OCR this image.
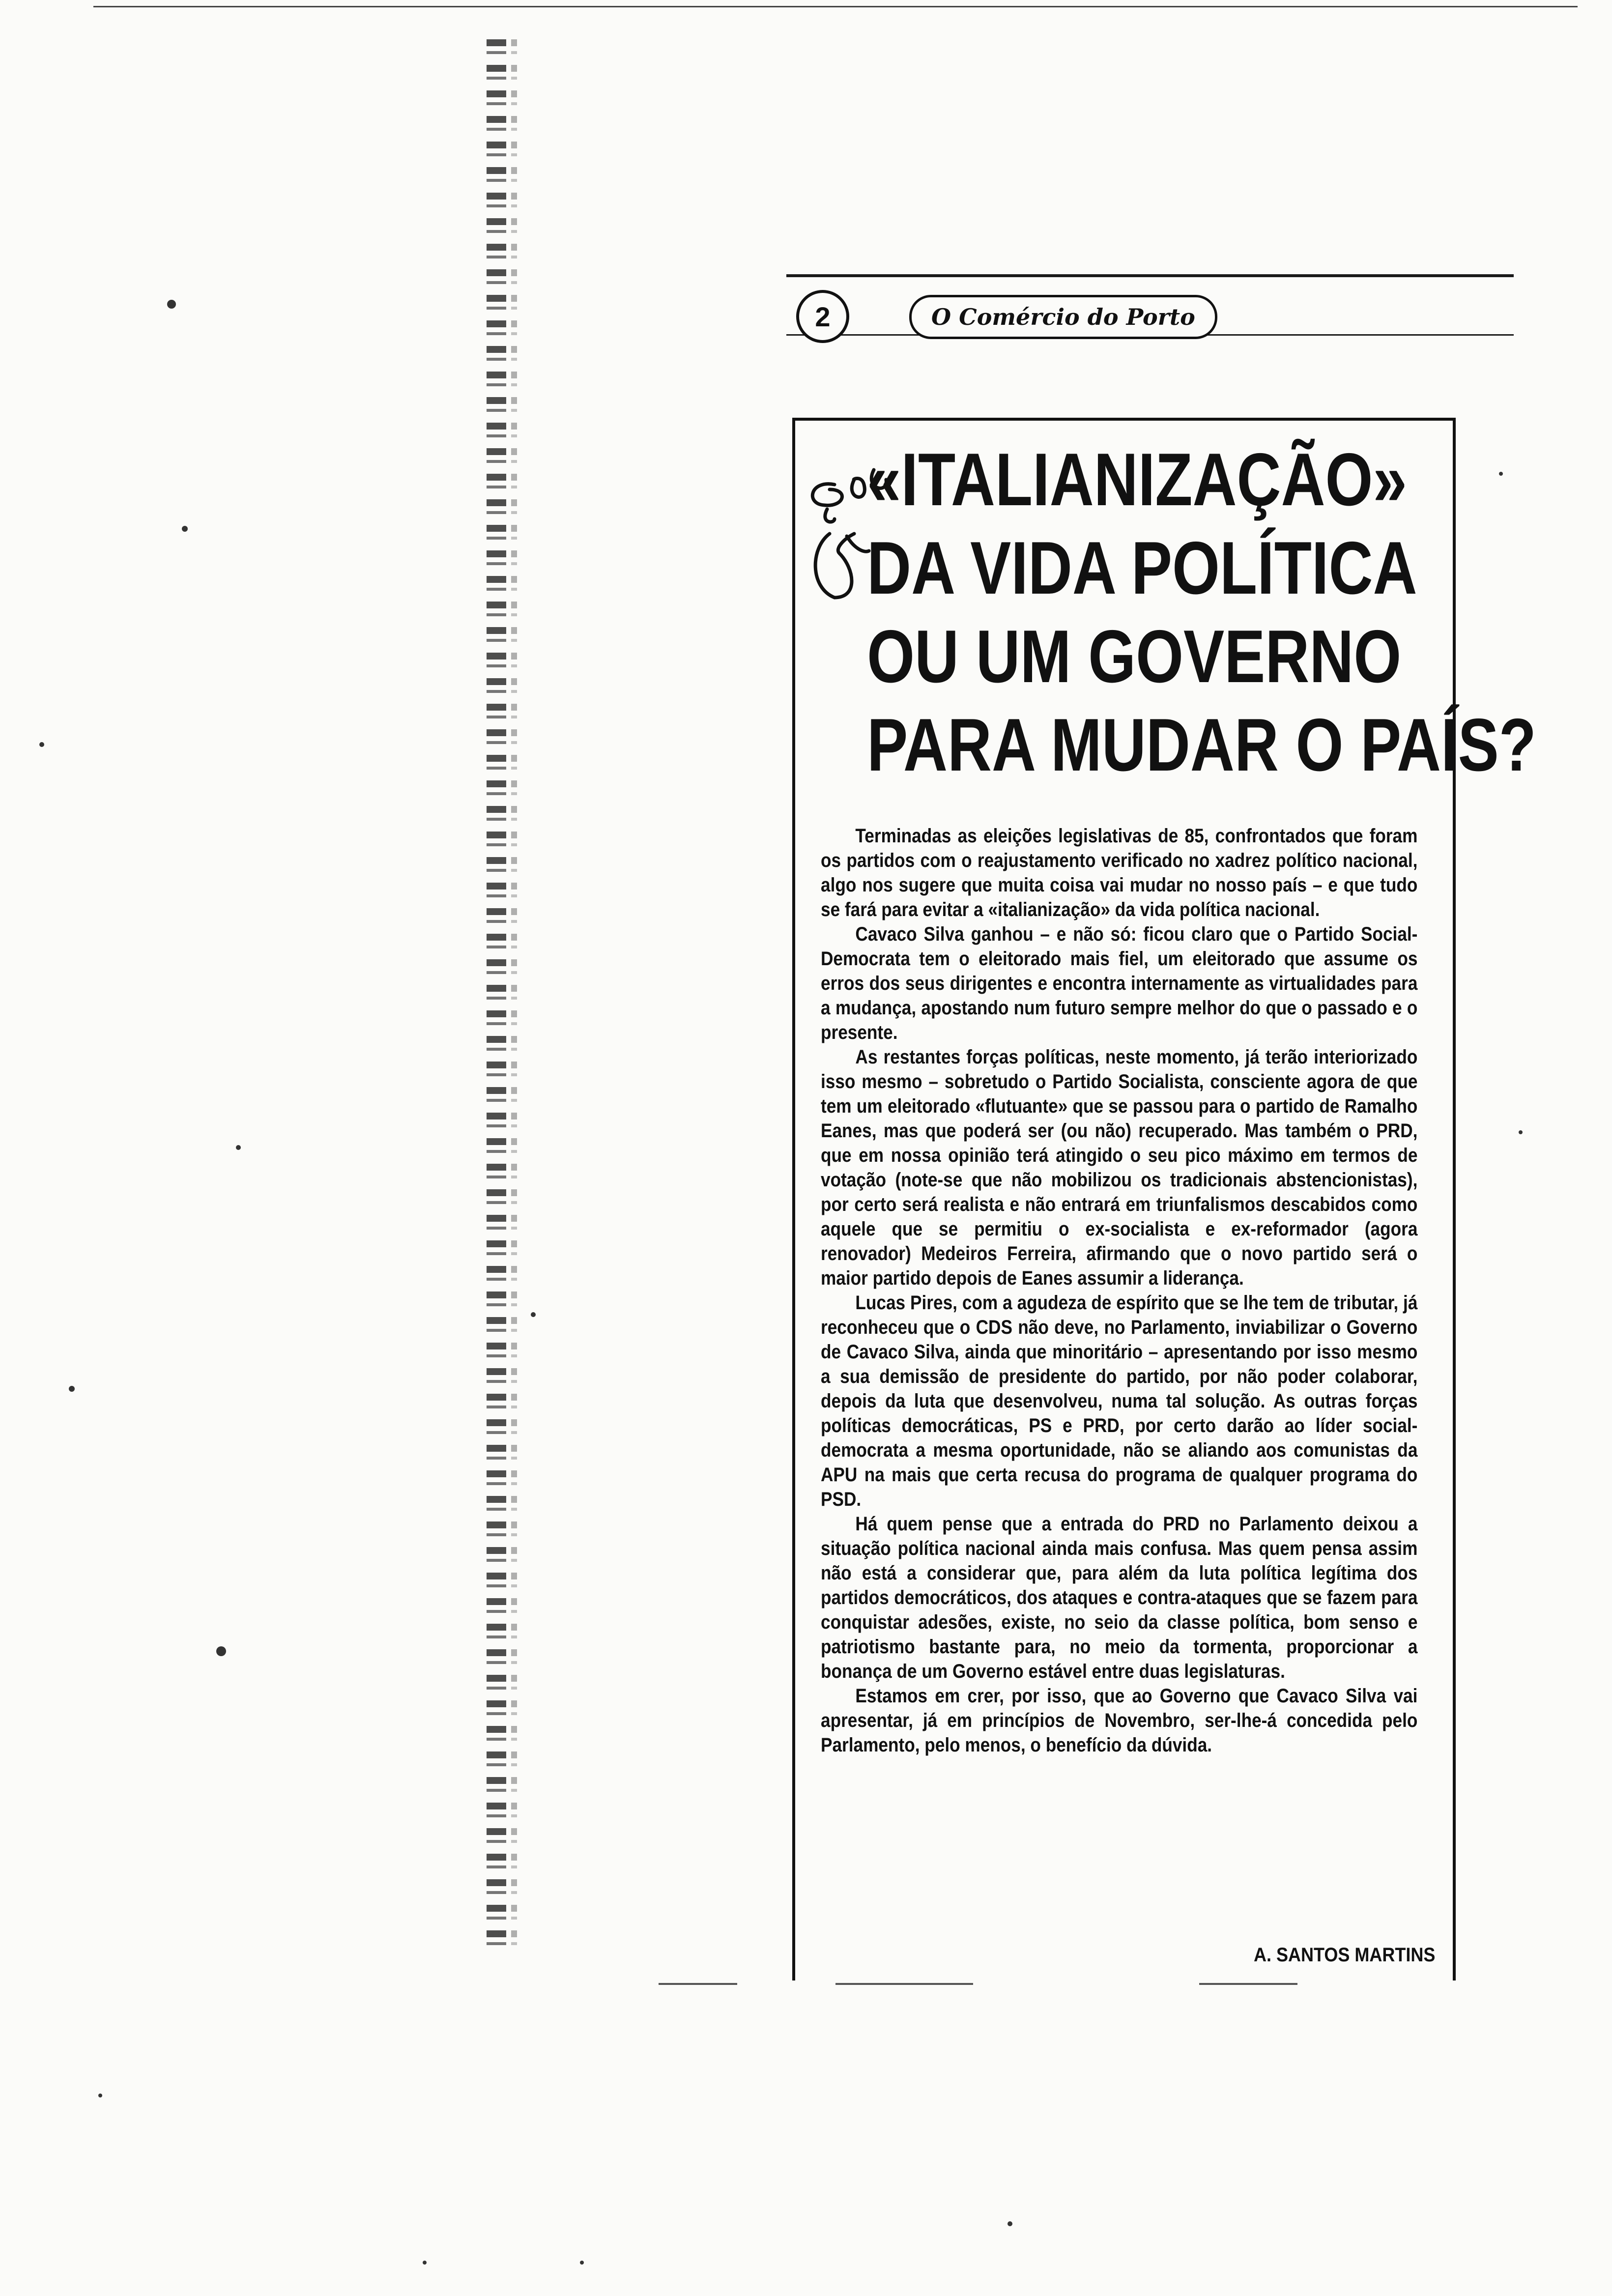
2	O Comércio do Porto
«ITALIANIZAÇÃO»
DA VIDA POLÍTICA
OU UM GOVERNO
PARA MUDAR O PAÍS?

Terminadas as eleições legislativas de 85, confrontados que foram os partidos com o reajustamento verificado no xadrez político nacional, algo nos sugere que muita coisa vai mudar no nosso país – e que tudo se fará para evitar a «italianização» da vida política nacional.

Cavaco Silva ganhou – e não só: ficou claro que o Partido Social-Democrata tem o eleitorado mais fiel, um eleitorado que assume os erros dos seus dirigentes e encontra internamente as virtualidades para a mudança, apostando num futuro sempre melhor do que o passado e o presente.

As restantes forças políticas, neste momento, já terão interiorizado isso mesmo – sobretudo o Partido Socialista, consciente agora de que tem um eleitorado «flutuante» que se passou para o partido de Ramalho Eanes, mas que poderá ser (ou não) recuperado. Mas também o PRD, que em nossa opinião terá atingido o seu pico máximo em termos de votação (note-se que não mobilizou os tradicionais abstencionistas), por certo será realista e não entrará em triunfalismos descabidos como aquele que se permitiu o ex-socialista e ex-reformador (agora renovador) Medeiros Ferreira, afirmando que o novo partido será o maior partido depois de Eanes assumir a liderança.

Lucas Pires, com a agudeza de espírito que se lhe tem de tributar, já reconheceu que o CDS não deve, no Parlamento, inviabilizar o Governo de Cavaco Silva, ainda que minoritário – apresentando por isso mesmo a sua demissão de presidente do partido, por não poder colaborar, depois da luta que desenvolveu, numa tal solução. As outras forças políticas democráticas, PS e PRD, por certo darão ao líder social-democrata a mesma oportunidade, não se aliando aos comunistas da APU na mais que certa recusa do programa de qualquer programa do PSD.

Há quem pense que a entrada do PRD no Parlamento deixou a situação política nacional ainda mais confusa. Mas quem pensa assim não está a considerar que, para além da luta política legítima dos partidos democráticos, dos ataques e contra-ataques que se fazem para conquistar adesões, existe, no seio da classe política, bom senso e patriotismo bastante para, no meio da tormenta, proporcionar a bonança de um Governo estável entre duas legislaturas.

Estamos em crer, por isso, que ao Governo que Cavaco Silva vai apresentar, já em princípios de Novembro, ser-lhe-á concedida pelo Parlamento, pelo menos, o benefício da dúvida.

A. SANTOS MARTINS
